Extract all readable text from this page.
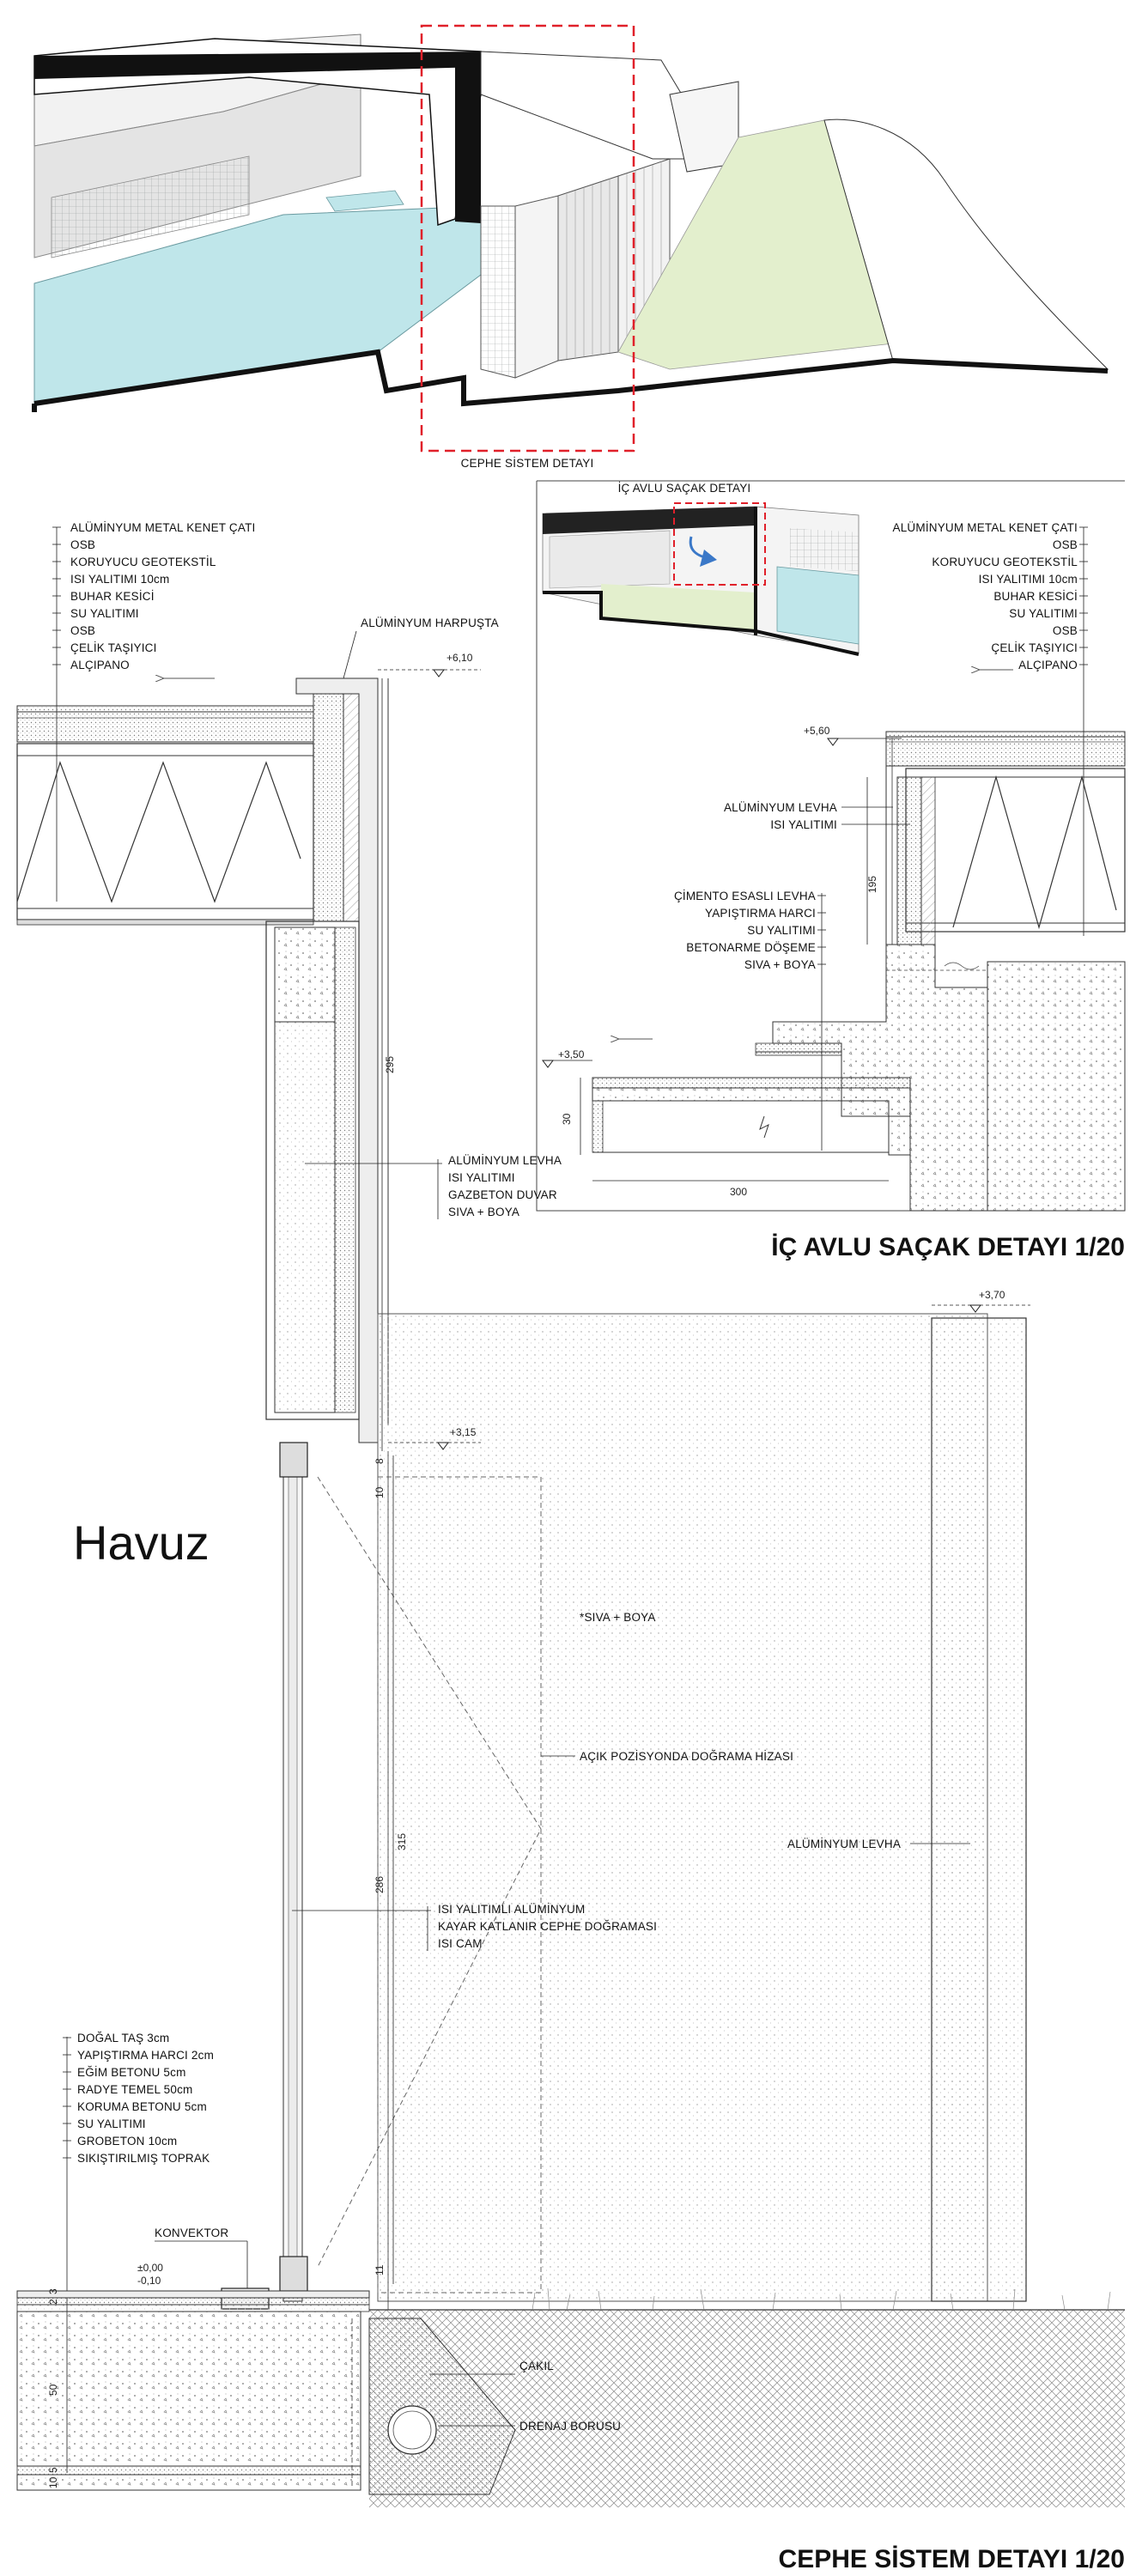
CEPHE SİSTEM DETAYI
İÇ AVLU SAÇAK DETAYI
ALÜMİNYUM METAL KENET ÇATI
OSB
KORUYUCU GEOTEKSTİL
ISI YALITIMI 10cm
BUHAR KESİCİ
SU YALITIMI
OSB
ÇELİK TAŞIYICI
ALÇIPANO
+5,60
ALÜMİNYUM LEVHA
ISI YALITIMI
ÇİMENTO ESASLI LEVHA
YAPIŞTIRMA HARCI
SU YALITIMI
BETONARME DÖŞEME
SIVA + BOYA
195
+3,50
30
300
İÇ AVLU SAÇAK DETAYI 1/20
ALÜMİNYUM METAL KENET ÇATI
OSB
KORUYUCU GEOTEKSTİL
ISI YALITIMI 10cm
BUHAR KESİCİ
SU YALITIMI
OSB
ÇELİK TAŞIYICI
ALÇIPANO
ALÜMİNYUM HARPUŞTA
+6,10
295
ALÜMİNYUM LEVHA
ISI YALITIMI
GAZBETON DUVAR
SIVA + BOYA
+3,70
*SIVA + BOYA
AÇIK POZİSYONDA DOĞRAMA HİZASI
ALÜMİNYUM LEVHA
+3,15
10
8
286
315
11
Havuz
ISI YALITIMLI ALÜMİNYUM
KAYAR KATLANIR CEPHE DOĞRAMASI
ISI CAM
DOĞAL TAŞ 3cm
YAPIŞTIRMA HARCI 2cm
EĞİM BETONU 5cm
RADYE TEMEL 50cm
KORUMA BETONU 5cm
SU YALITIMI
GROBETON 10cm
SIKIŞTIRILMIŞ TOPRAK
KONVEKTOR
±0,00
-0,10
3
2
50
5
10
ÇAKIL
DRENAJ BORUSU
CEPHE SİSTEM DETAYI 1/20
